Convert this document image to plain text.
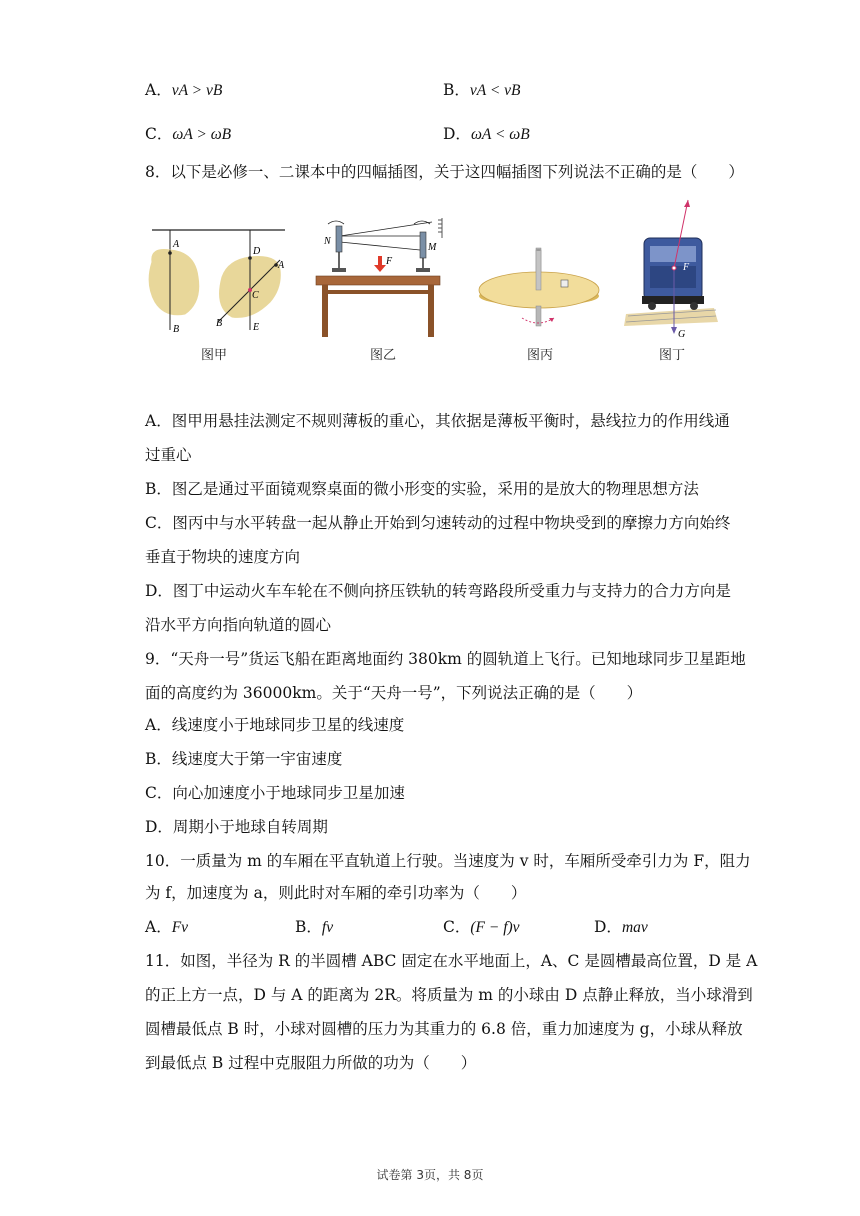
A．vA > vB	B．vA < vB
C．ωA > ωB	D．ωA < ωB
8．以下是必修一、二课本中的四幅插图，关于这四幅插图下列说法不正确的是（　　）
A
B
D
A
C
B	E
图甲
N
M
F
图乙	图丙
F
G
图丁
A．图甲用悬挂法测定不规则薄板的重心，其依据是薄板平衡时，悬线拉力的作用线通
过重心
B．图乙是通过平面镜观察桌面的微小形变的实验，采用的是放大的物理思想方法
C．图丙中与水平转盘一起从静止开始到匀速转动的过程中物块受到的摩擦力方向始终
垂直于物块的速度方向
D．图丁中运动火车车轮在不侧向挤压铁轨的转弯路段所受重力与支持力的合力方向是
沿水平方向指向轨道的圆心
9．“天舟一号”货运飞船在距离地面约 380km 的圆轨道上飞行。已知地球同步卫星距地
面的高度约为 36000km。关于“天舟一号”，下列说法正确的是（　　）
A．线速度小于地球同步卫星的线速度
B．线速度大于第一宇宙速度
C．向心加速度小于地球同步卫星加速
D．周期小于地球自转周期
10．一质量为 m 的车厢在平直轨道上行驶。当速度为 v 时，车厢所受牵引力为 F，阻力
为 f，加速度为 a，则此时对车厢的牵引功率为（　　）
A．Fv	B．fv	C．(F − f)v	D．mav
11．如图，半径为 R 的半圆槽 ABC 固定在水平地面上，A、C 是圆槽最高位置，D 是 A
的正上方一点，D 与 A 的距离为 2R。将质量为 m 的小球由 D 点静止释放，当小球滑到
圆槽最低点 B 时，小球对圆槽的压力为其重力的 6.8 倍，重力加速度为 g，小球从释放
到最低点 B 过程中克服阻力所做的功为（　　）
试卷第 3页，共 8页
